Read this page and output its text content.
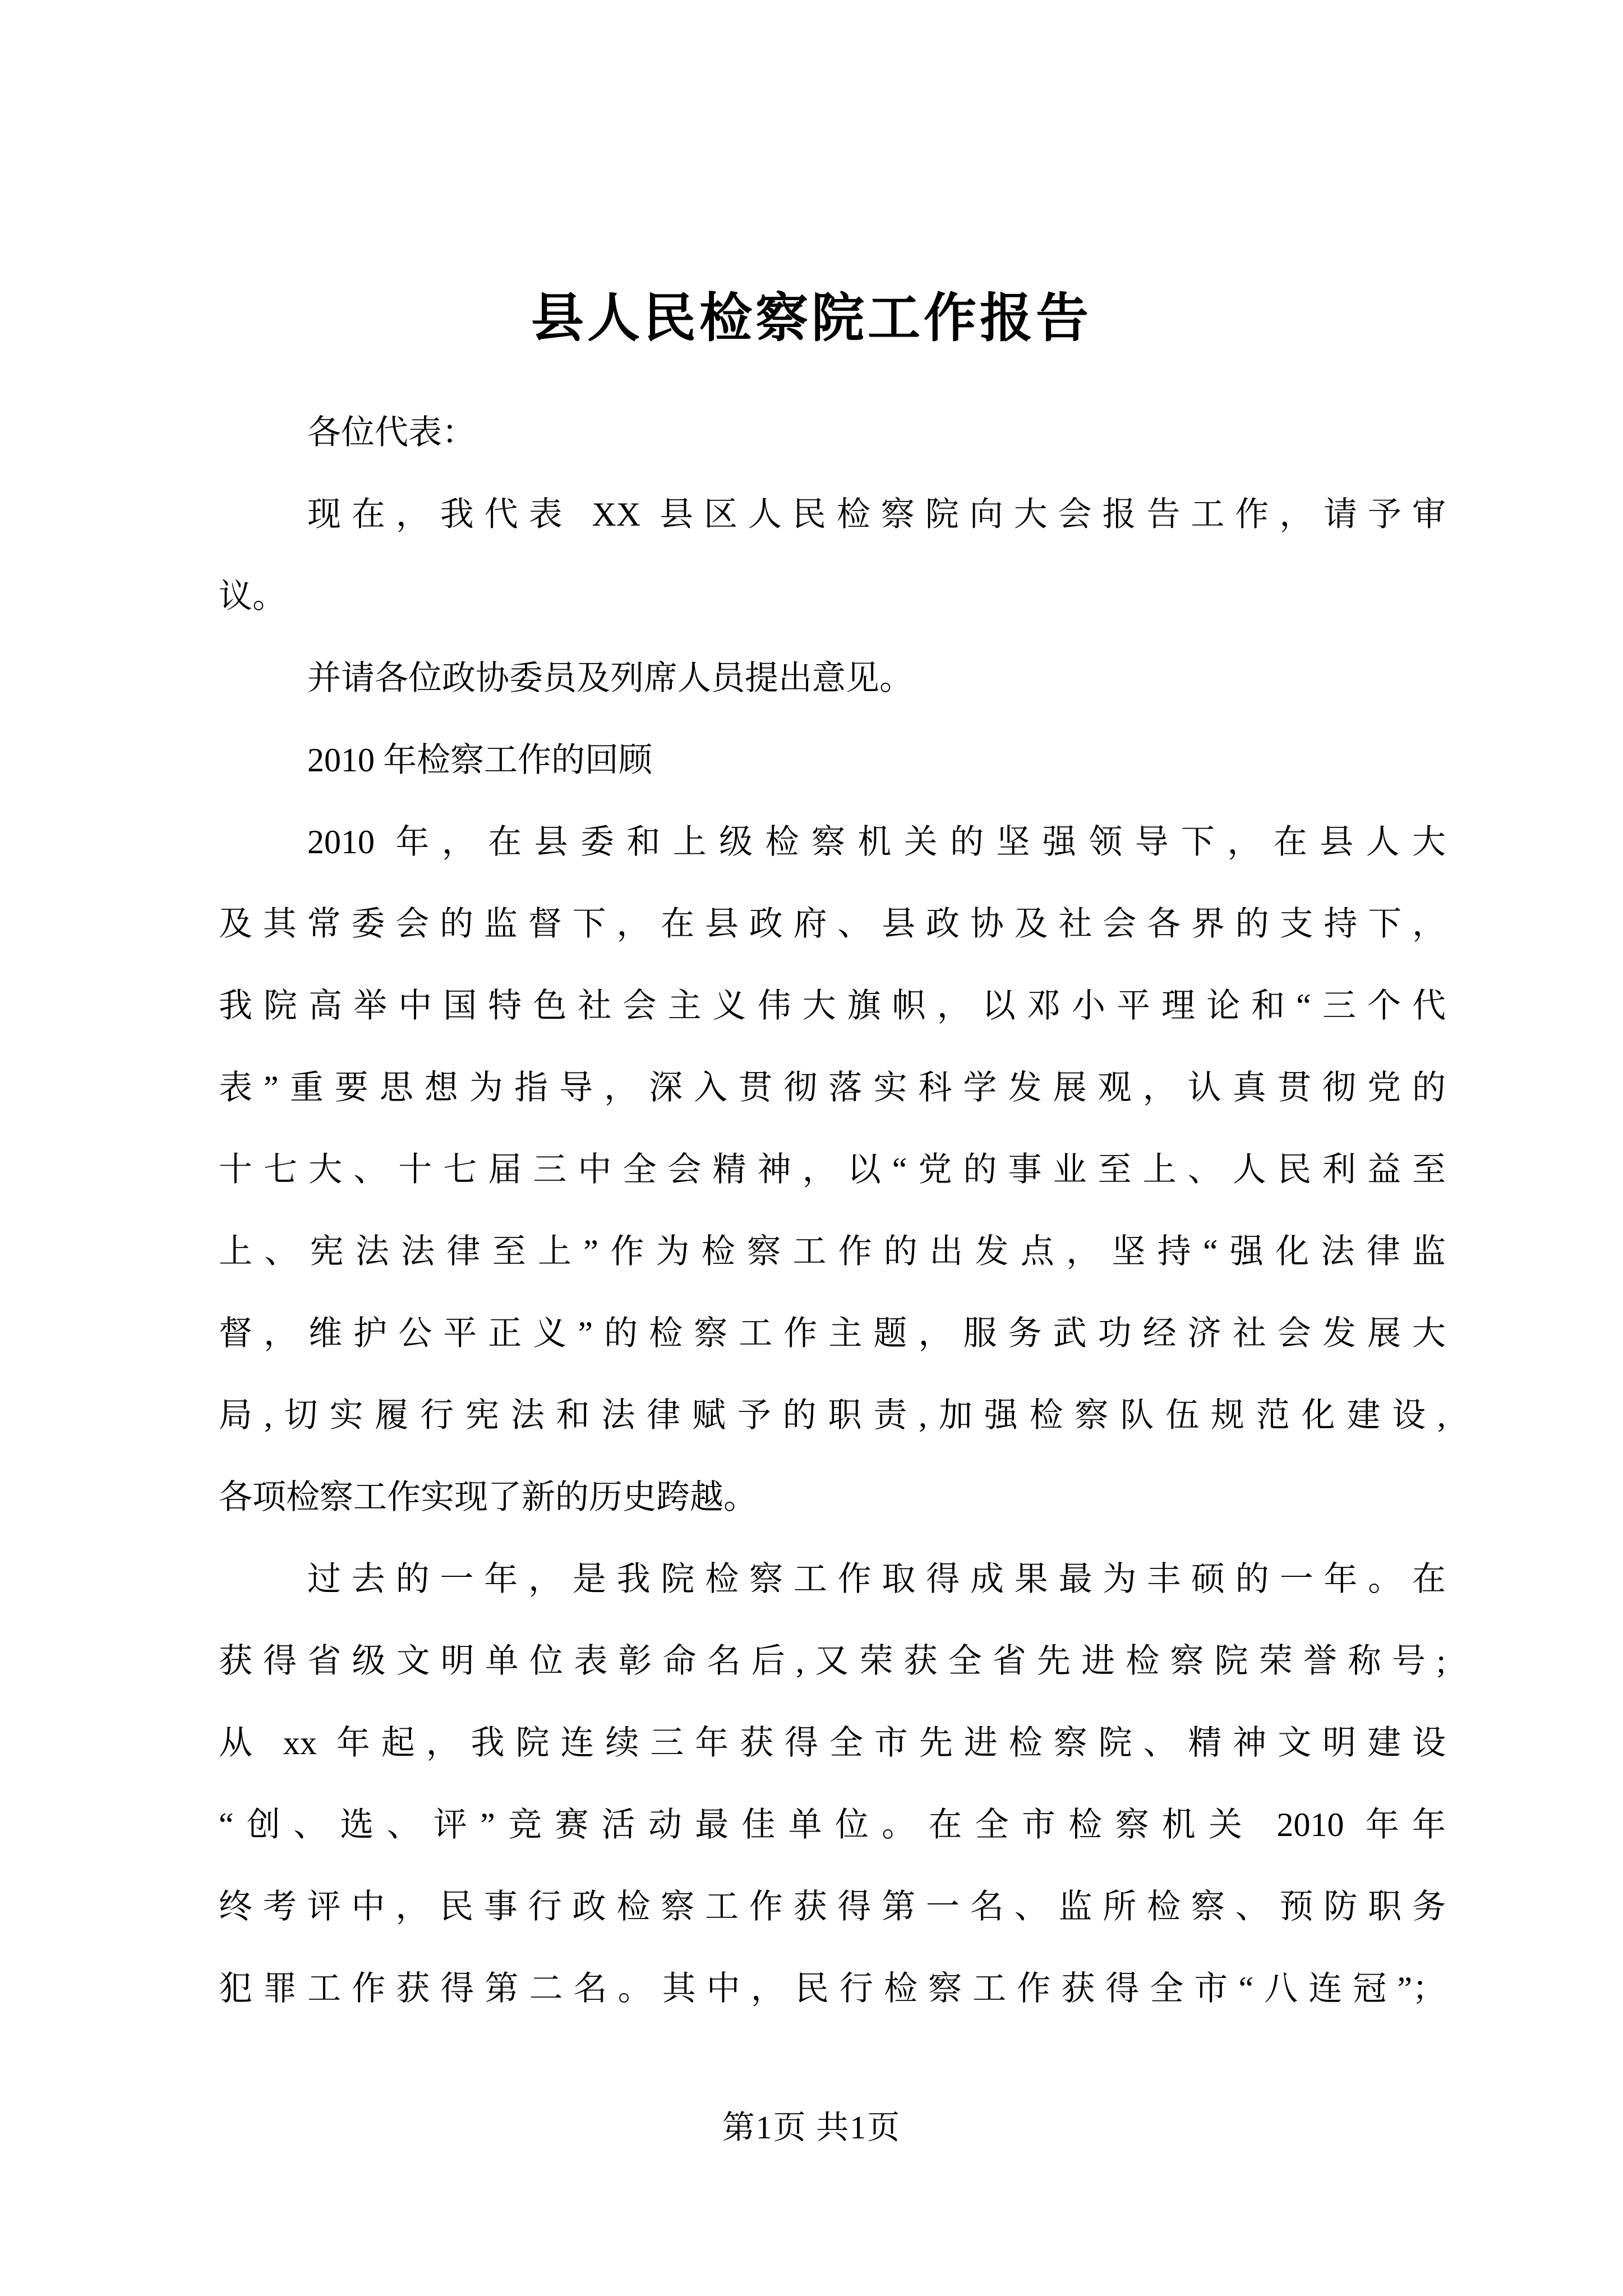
县人民检察院工作报告
各位代表：
现在，我代表 XX 县区人民检察院向大会报告工作，请予审
议。
并请各位政协委员及列席人员提出意见。
2010 年检察工作的回顾
2010 年，在县委和上级检察机关的坚强领导下，在县人大
及其常委会的监督下，在县政府、县政协及社会各界的支持下，
我院高举中国特色社会主义伟大旗帜，以邓小平理论和“三个代
表”重要思想为指导，深入贯彻落实科学发展观，认真贯彻党的
十七大、十七届三中全会精神，以“党的事业至上、人民利益至
上、宪法法律至上”作为检察工作的出发点，坚持“强化法律监
督，维护公平正义”的检察工作主题，服务武功经济社会发展大
局,切实履行宪法和法律赋予的职责,加强检察队伍规范化建设,
各项检察工作实现了新的历史跨越。
过去的一年，是我院检察工作取得成果最为丰硕的一年。在
获得省级文明单位表彰命名后,又荣获全省先进检察院荣誉称号;
从 xx 年起，我院连续三年获得全市先进检察院、精神文明建设
“创、选、评”竞赛活动最佳单位。在全市检察机关 2010 年年
终考评中，民事行政检察工作获得第一名、监所检察、预防职务
犯罪工作获得第二名。其中，民行检察工作获得全市“八连冠”；
第1页 共1页
